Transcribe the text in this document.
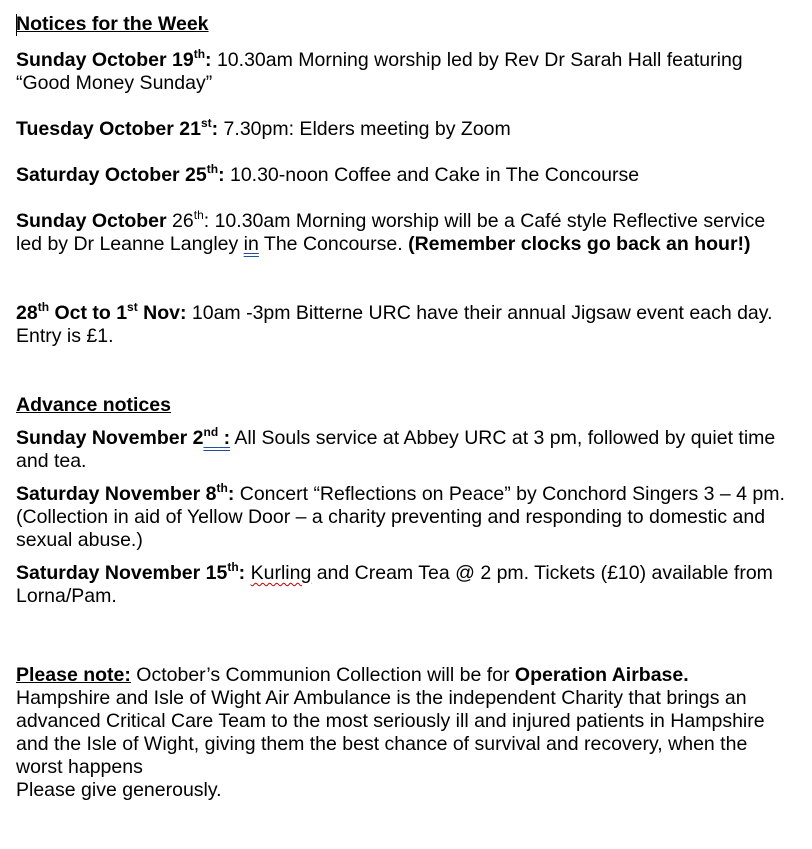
Notices for the Week
Sunday October 19th: 10.30am Morning worship led by Rev Dr Sarah Hall featuring “Good Money Sunday”
Tuesday October 21st: 7.30pm: Elders meeting by Zoom
Saturday October 25th: 10.30-noon Coffee and Cake in The Concourse
Sunday October 26th: 10.30am Morning worship will be a Café style Reflective service led by Dr Leanne Langley in The Concourse. (Remember clocks go back an hour!)
28th Oct to 1st Nov: 10am -3pm Bitterne URC have their annual Jigsaw event each day. Entry is £1.
Advance notices
Sunday November 2nd : All Souls service at Abbey URC at 3 pm, followed by quiet time and tea.
Saturday November 8th: Concert “Reflections on Peace” by Conchord Singers 3 – 4 pm. (Collection in aid of Yellow Door – a charity preventing and responding to domestic and sexual abuse.)
Saturday November 15th: Kurling and Cream Tea @ 2 pm. Tickets (£10) available from Lorna/Pam.
Please note: October’s Communion Collection will be for Operation Airbase.
Hampshire and Isle of Wight Air Ambulance is the independent Charity that brings an advanced Critical Care Team to the most seriously ill and injured patients in Hampshire and the Isle of Wight, giving them the best chance of survival and recovery, when the worst happens
Please give generously.
